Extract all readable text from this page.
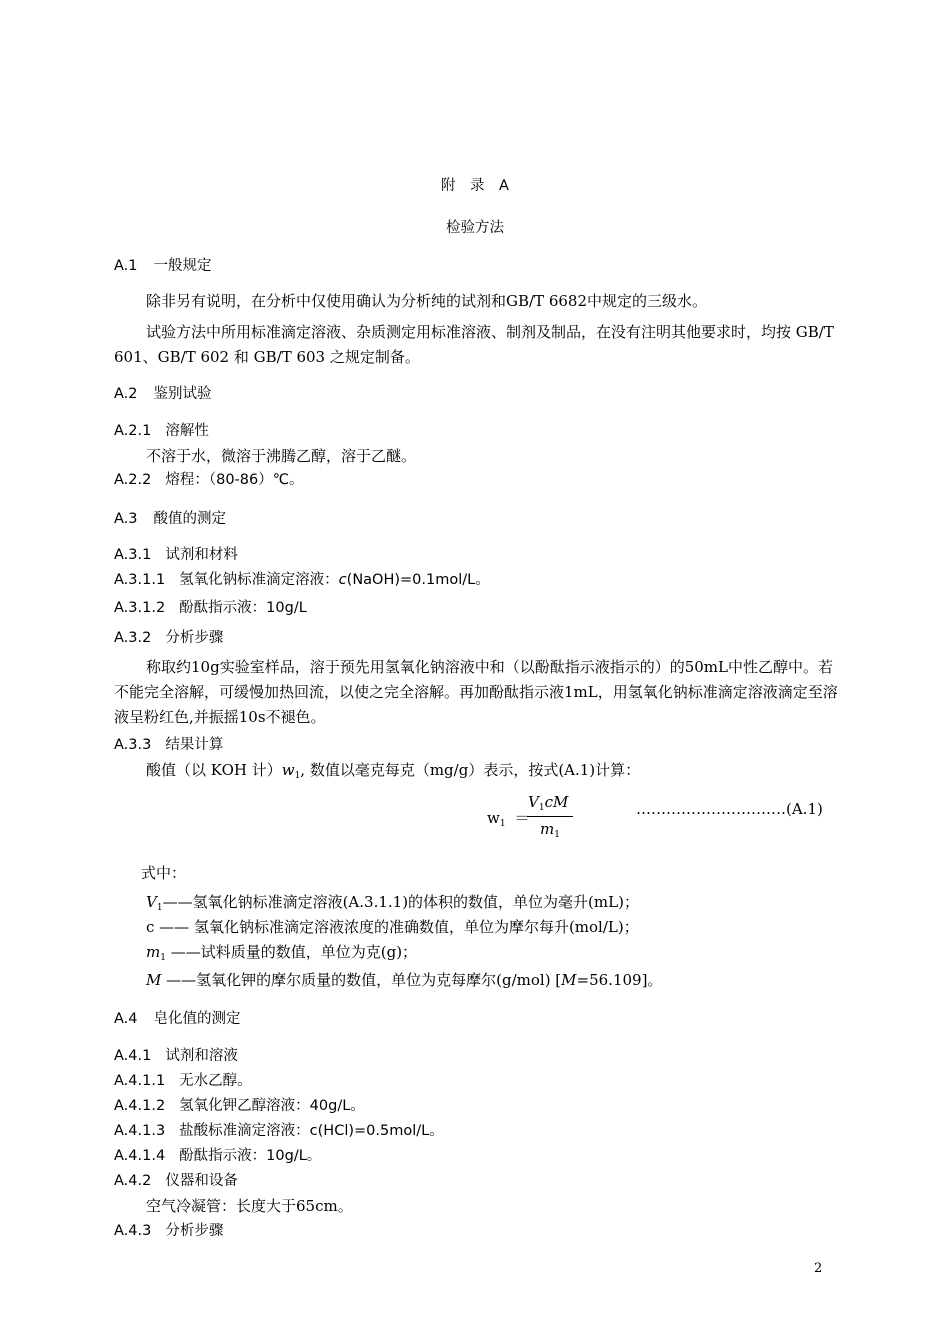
附　录　A
检验方法
A.1 一般规定
除非另有说明，在分析中仅使用确认为分析纯的试剂和GB/T 6682中规定的三级水。
试验方法中所用标准滴定溶液、杂质测定用标准溶液、制剂及制品，在没有注明其他要求时，均按 GB/T 601、GB/T 602 和 GB/T 603 之规定制备。
A.2 鉴别试验
A.2.1 溶解性
不溶于水，微溶于沸腾乙醇，溶于乙醚。
A.2.2 熔程：（80-86）℃。
A.3 酸值的测定
A.3.1 试剂和材料
A.3.1.1 氢氧化钠标准滴定溶液：c(NaOH)=0.1mol/L。
A.3.1.2 酚酞指示液：10g/L
A.3.2 分析步骤
称取约10g实验室样品，溶于预先用氢氧化钠溶液中和（以酚酞指示液指示的）的50mL中性乙醇中。若不能完全溶解，可缓慢加热回流，以使之完全溶解。再加酚酞指示液1mL，用氢氧化钠标准滴定溶液滴定至溶液呈粉红色,并振摇10s不褪色。
A.3.3 结果计算
酸值（以 KOH 计）$w_1$, 数值以毫克每克（mg/g）表示，按式(A.1)计算：
$w_1$ ＝
$V_1cM$
$m_1$
…………………………(A.1)
式中：
$V_1——$氢氧化钠标准滴定溶液(A.3.1.1)的体积的数值，单位为毫升(mL)；
c —— 氢氧化钠标准滴定溶液浓度的准确数值，单位为摩尔每升(mol/L)；
$m_1$ ——试料质量的数值，单位为克(g)；
M ——氢氧化钾的摩尔质量的数值，单位为克每摩尔(g/mol) [M=56.109]。
A.4 皂化值的测定
A.4.1 试剂和溶液
A.4.1.1 无水乙醇。
A.4.1.2 氢氧化钾乙醇溶液：40g/L。
A.4.1.3 盐酸标准滴定溶液：c(HCl)=0.5mol/L。
A.4.1.4 酚酞指示液：10g/L。
A.4.2 仪器和设备
空气冷凝管：长度大于65cm。
A.4.3 分析步骤
2
